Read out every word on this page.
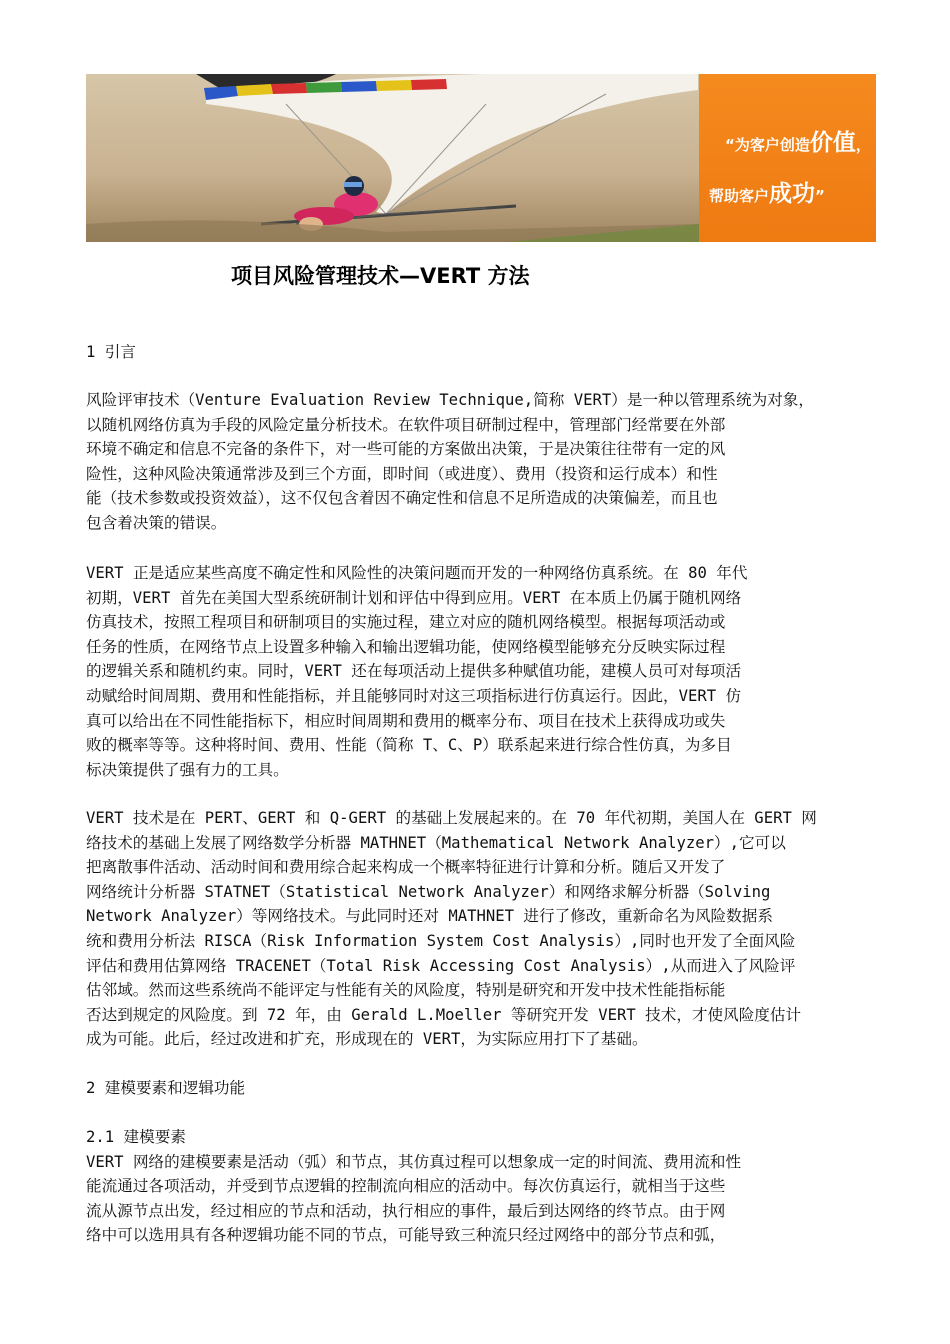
“为客户创造价值，
帮助客户成功”
项目风险管理技术—VERT 方法

1 引言

风险评审技术（Venture Evaluation Review Technique,简称 VERT）是一种以管理系统为对象，

以随机网络仿真为手段的风险定量分析技术。在软件项目研制过程中，管理部门经常要在外部

环境不确定和信息不完备的条件下，对一些可能的方案做出决策，于是决策往往带有一定的风

险性，这种风险决策通常涉及到三个方面，即时间（或进度）、费用（投资和运行成本）和性

能（技术参数或投资效益），这不仅包含着因不确定性和信息不足所造成的决策偏差，而且也

包含着决策的错误。

VERT 正是适应某些高度不确定性和风险性的决策问题而开发的一种网络仿真系统。在 80 年代

初期，VERT 首先在美国大型系统研制计划和评估中得到应用。VERT 在本质上仍属于随机网络

仿真技术，按照工程项目和研制项目的实施过程，建立对应的随机网络模型。根据每项活动或

任务的性质，在网络节点上设置多种输入和输出逻辑功能，使网络模型能够充分反映实际过程

的逻辑关系和随机约束。同时，VERT 还在每项活动上提供多种赋值功能，建模人员可对每项活

动赋给时间周期、费用和性能指标，并且能够同时对这三项指标进行仿真运行。因此，VERT 仿

真可以给出在不同性能指标下，相应时间周期和费用的概率分布、项目在技术上获得成功或失

败的概率等等。这种将时间、费用、性能（简称 T、C、P）联系起来进行综合性仿真，为多目

标决策提供了强有力的工具。

VERT 技术是在 PERT、GERT 和 Q-GERT 的基础上发展起来的。在 70 年代初期，美国人在 GERT 网

络技术的基础上发展了网络数学分析器 MATHNET（Mathematical Network Analyzer）,它可以

把离散事件活动、活动时间和费用综合起来构成一个概率特征进行计算和分析。随后又开发了

网络统计分析器 STATNET（Statistical Network Analyzer）和网络求解分析器（Solving

Network Analyzer）等网络技术。与此同时还对 MATHNET 进行了修改，重新命名为风险数据系

统和费用分析法 RISCA（Risk Information System Cost Analysis）,同时也开发了全面风险

评估和费用估算网络 TRACENET（Total Risk Accessing Cost Analysis）,从而进入了风险评

估邻域。然而这些系统尚不能评定与性能有关的风险度，特别是研究和开发中技术性能指标能

否达到规定的风险度。到 72 年，由 Gerald L.Moeller 等研究开发 VERT 技术，才使风险度估计

成为可能。此后，经过改进和扩充，形成现在的 VERT，为实际应用打下了基础。

2 建模要素和逻辑功能

2.1 建模要素

VERT 网络的建模要素是活动（弧）和节点，其仿真过程可以想象成一定的时间流、费用流和性

能流通过各项活动，并受到节点逻辑的控制流向相应的活动中。每次仿真运行，就相当于这些

流从源节点出发，经过相应的节点和活动，执行相应的事件，最后到达网络的终节点。由于网

络中可以选用具有各种逻辑功能不同的节点，可能导致三种流只经过网络中的部分节点和弧，
